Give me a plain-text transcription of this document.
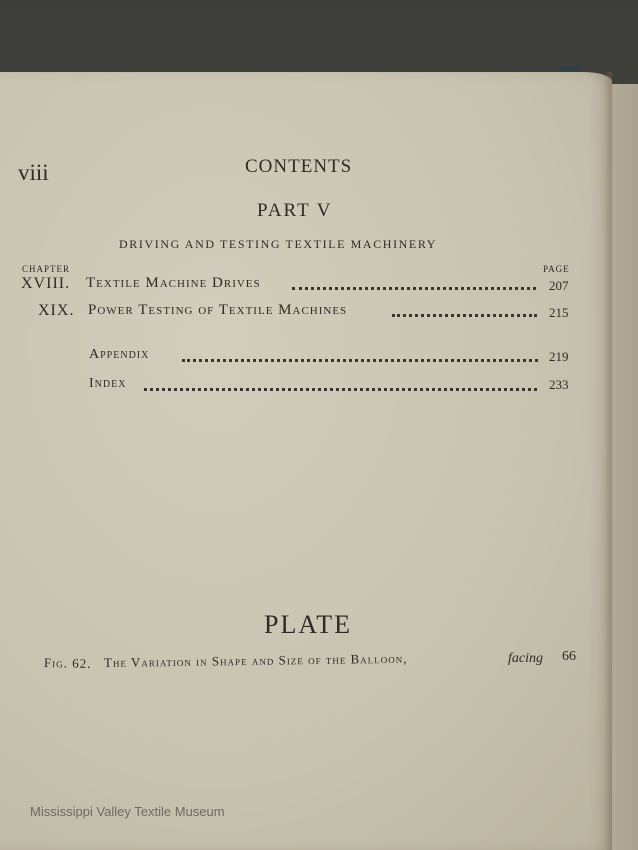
viii	CONTENTS

PART V

DRIVING AND TESTING TEXTILE MACHINERY

CHAPTER	PAGE

XVIII. Textile Machine Drives	207

XIX. Power Testing of Textile Machines	215

Appendix	219

Index	233

PLATE

Fig. 62. The Variation in Shape and Size of the Balloon,	facing 66

Mississippi Valley Textile Museum
